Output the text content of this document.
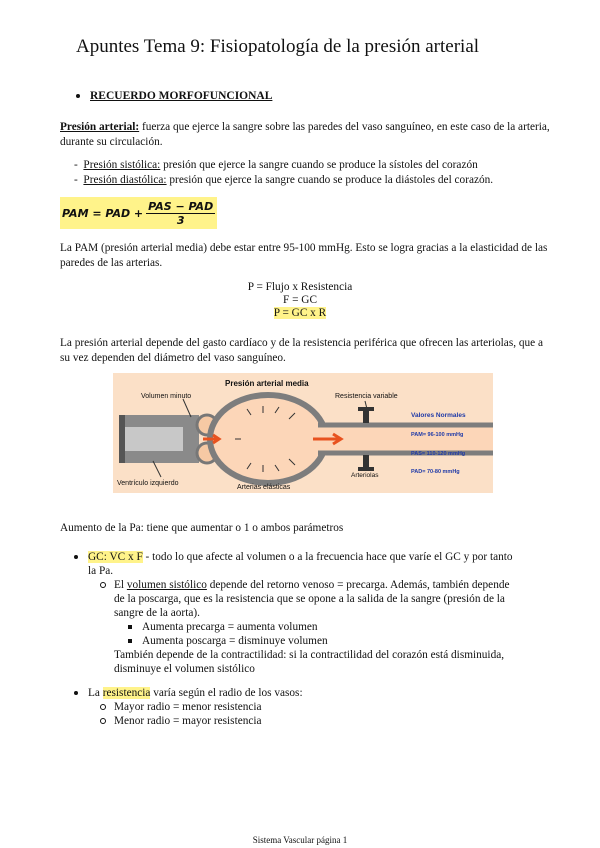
Apuntes Tema 9: Fisiopatología de la presión arterial
RECUERDO MORFOFUNCIONAL
Presión arterial: fuerza que ejerce la sangre sobre las paredes del vaso sanguíneo, en este caso de la arteria, durante su circulación.
-  Presión sistólica: presión que ejerce la sangre cuando se produce la sístoles del corazón
-  Presión diastólica: presión que ejerce la sangre cuando se produce la diástoles del corazón.
PAM = PAD + $\frac{\text{PAS − PAD}}{3}$
La PAM (presión arterial media) debe estar entre 95-100 mmHg. Esto se logra gracias a la elasticidad de las paredes de las arterias.
P = Flujo x Resistencia
F = GC
P = GC x R
La presión arterial depende del gasto cardíaco y de la resistencia periférica que ofrecen las arteriolas, que a su vez dependen del diámetro del vaso sanguíneo.
Presión arterial media
Volumen minuto	Resistencia variable
Ventrículo izquierdo
Arterias elásticas
Arteriolas
Valores Normales
PAM= 96-100 mmHg
PAS= 110-120 mmHg
PAD= 70-80 mmHg
Aumento de la Pa: tiene que aumentar o 1 o ambos parámetros
GC: VC x F - todo lo que afecte al volumen o a la frecuencia hace que varíe el GC y por tanto
la Pa.
El volumen sistólico depende del retorno venoso = precarga. Además, también depende
de la poscarga, que es la resistencia que se opone a la salida de la sangre (presión de la
sangre de la aorta).
Aumenta precarga = aumenta volumen
Aumenta poscarga = disminuye volumen
También depende de la contractilidad: si la contractilidad del corazón está disminuida,
disminuye el volumen sistólico
La resistencia varía según el radio de los vasos:
Mayor radio = menor resistencia
Menor radio = mayor resistencia
Sistema Vascular página 1
